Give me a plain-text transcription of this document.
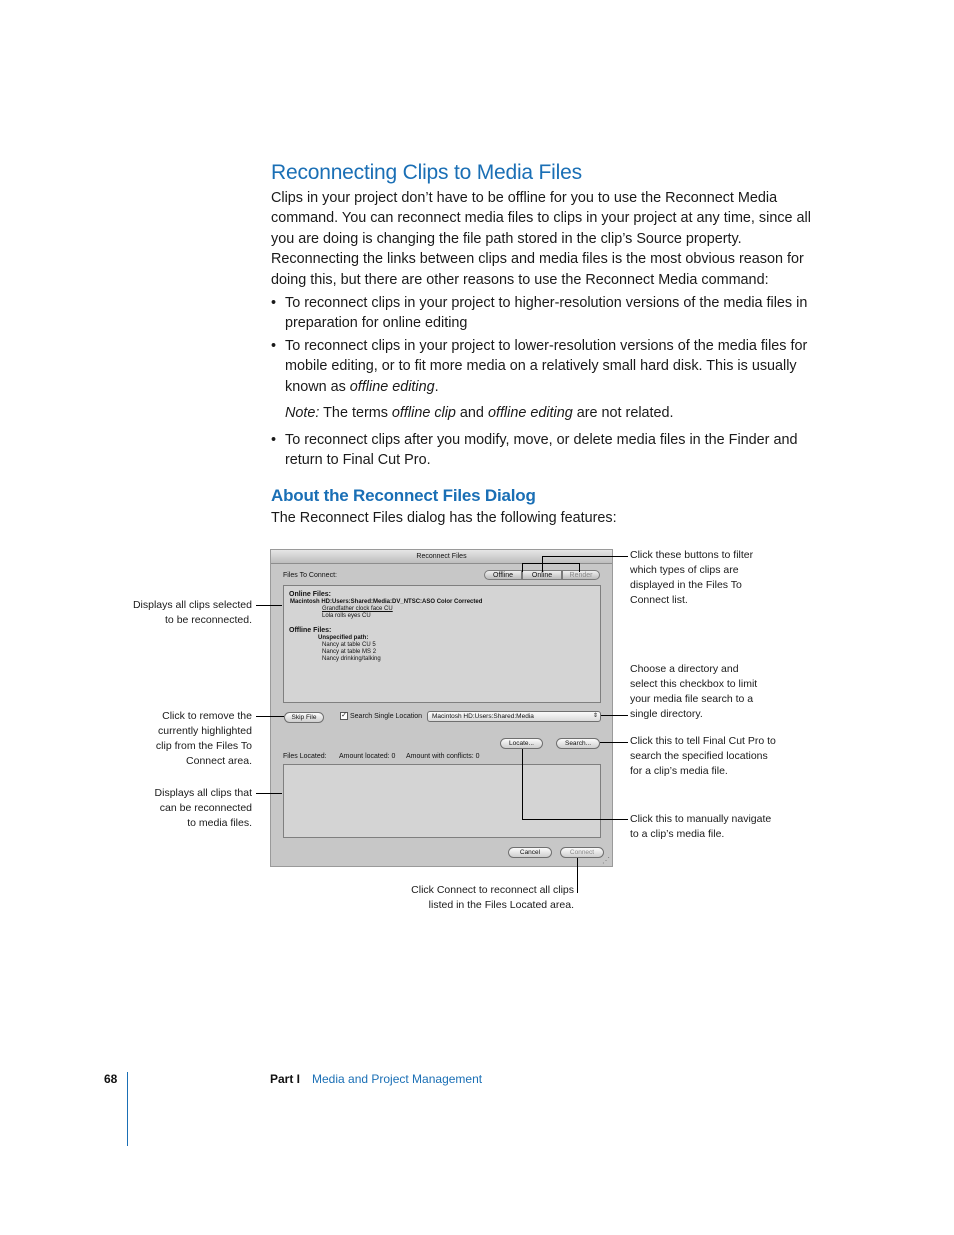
Reconnecting Clips to Media Files
Clips in your project don’t have to be offline for you to use the Reconnect Media command. You can reconnect media files to clips in your project at any time, since all you are doing is changing the file path stored in the clip’s Source property. Reconnecting the links between clips and media files is the most obvious reason for doing this, but there are other reasons to use the Reconnect Media command:
• To reconnect clips in your project to higher-resolution versions of the media files in preparation for online editing
• To reconnect clips in your project to lower-resolution versions of the media files for mobile editing, or to fit more media on a relatively small hard disk. This is usually known as offline editing.
Note: The terms offline clip and offline editing are not related.
• To reconnect clips after you modify, move, or delete media files in the Finder and return to Final Cut Pro.
About the Reconnect Files Dialog
The Reconnect Files dialog has the following features:
Reconnect Files
Files To Connect:	Offline	Online	Render
Online Files:
Macintosh HD:Users:Shared:Media:DV_NTSC:ASO Color Corrected
Grandfather clock face CU
Lola rolls eyes CU
Offline Files:
Unspecified path:
Nancy at table CU 5
Nancy at table MS 2
Nancy drinking/talking
Skip File	✓ Search Single Location	Macintosh HD:Users:Shared:Media	⇕
Locate...	Search...
Files Located: Amount located: 0 Amount with conflicts: 0
Cancel	Connect
⋰
Click these buttons to filter
which types of clips are
displayed in the Files To
Connect list.
Displays all clips selected
to be reconnected.
Choose a directory and
select this checkbox to limit
your media file search to a
single directory.
Click to remove the
currently highlighted
clip from the Files To
Connect area.
Click this to tell Final Cut Pro to
search the specified locations
for a clip’s media file.
Displays all clips that
can be reconnected
to media files.	Click this to manually navigate
to a clip’s media file.
Click Connect to reconnect all clips
listed in the Files Located area.
68	Part I Media and Project Management
